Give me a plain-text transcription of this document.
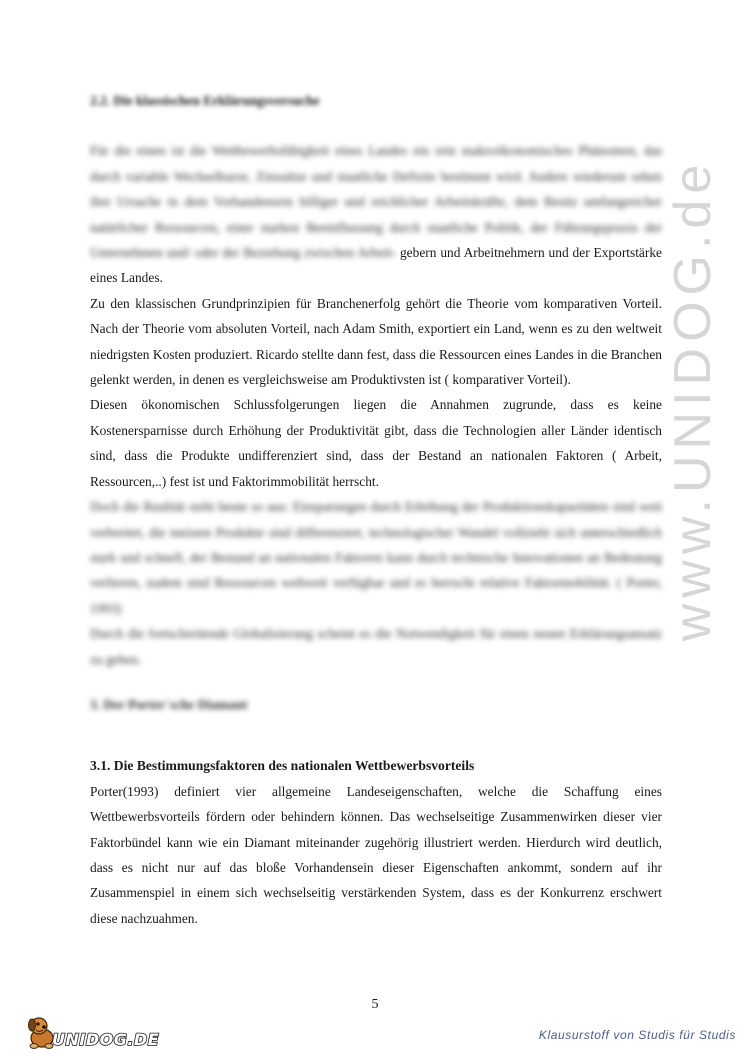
www.UNIDOG.de

2.2. Die klassischen Erklärungsversuche

Für die einen ist die Wettbewerbsfähigkeit eines Landes ein rein makroökonomisches Phänomen, das durch variable Wechselkurse, Zinssätze und staatliche Defizite bestimmt wird. Andere wiederum sehen ihre Ursache in dem Vorhandensein billiger und reichlicher Arbeitskräfte, dem Besitz umfangreicher natürlicher Ressourcen, einer starken Beeinflussung durch staatliche Politik, der Führungspraxis der Unternehmen und/ oder der Beziehung zwischen Arbeit- gebern und Arbeitnehmern und der Exportstärke eines Landes.

Zu den klassischen Grundprinzipien für Branchenerfolg gehört die Theorie vom komparativen Vorteil. Nach der Theorie vom absoluten Vorteil, nach Adam Smith, exportiert ein Land, wenn es zu den weltweit niedrigsten Kosten produziert. Ricardo stellte dann fest, dass die Ressourcen eines Landes in die Branchen gelenkt werden, in denen es vergleichsweise am Produktivsten ist ( komparativer Vorteil).

Diesen ökonomischen Schlussfolgerungen liegen die Annahmen zugrunde, dass es keine Kostenersparnisse durch Erhöhung der Produktivität gibt, dass die Technologien aller Länder identisch sind, dass die Produkte undifferenziert sind, dass der Bestand an nationalen Faktoren ( Arbeit, Ressourcen,..) fest ist und Faktorimmobilität herrscht.

Doch die Realität sieht heute so aus: Einsparungen durch Erhöhung der Produktionskapazitäten sind weit verbreitet, die meisten Produkte sind differenziert, technologischer Wandel vollzieht sich unterschiedlich stark und schnell, der Bestand an nationalen Faktoren kann durch technische Innovationen an Bedeutung verlieren, zudem sind Ressourcen weltweit verfügbar und es herrscht relative Faktormobilität. ( Porter, 1993)

Durch die fortschreitende Globalisierung scheint es die Notwendigkeit für einen neuen Erklärungsansatz zu geben.

3. Der Porter´sche Diamant

3.1. Die Bestimmungsfaktoren des nationalen Wettbewerbsvorteils

Porter(1993) definiert vier allgemeine Landeseigenschaften, welche die Schaffung eines Wettbewerbsvorteils fördern oder behindern können. Das wechselseitige Zusammenwirken dieser vier Faktorbündel kann wie ein Diamant miteinander zugehörig illustriert werden. Hierdurch wird deutlich, dass es nicht nur auf das bloße Vorhandensein dieser Eigenschaften ankommt, sondern auf ihr Zusammenspiel in einem sich wechselseitig verstärkenden System, dass es der Konkurrenz erschwert diese nachzuahmen.

5
UNIDOG.DE	Klausurstoff von Studis für Studis
